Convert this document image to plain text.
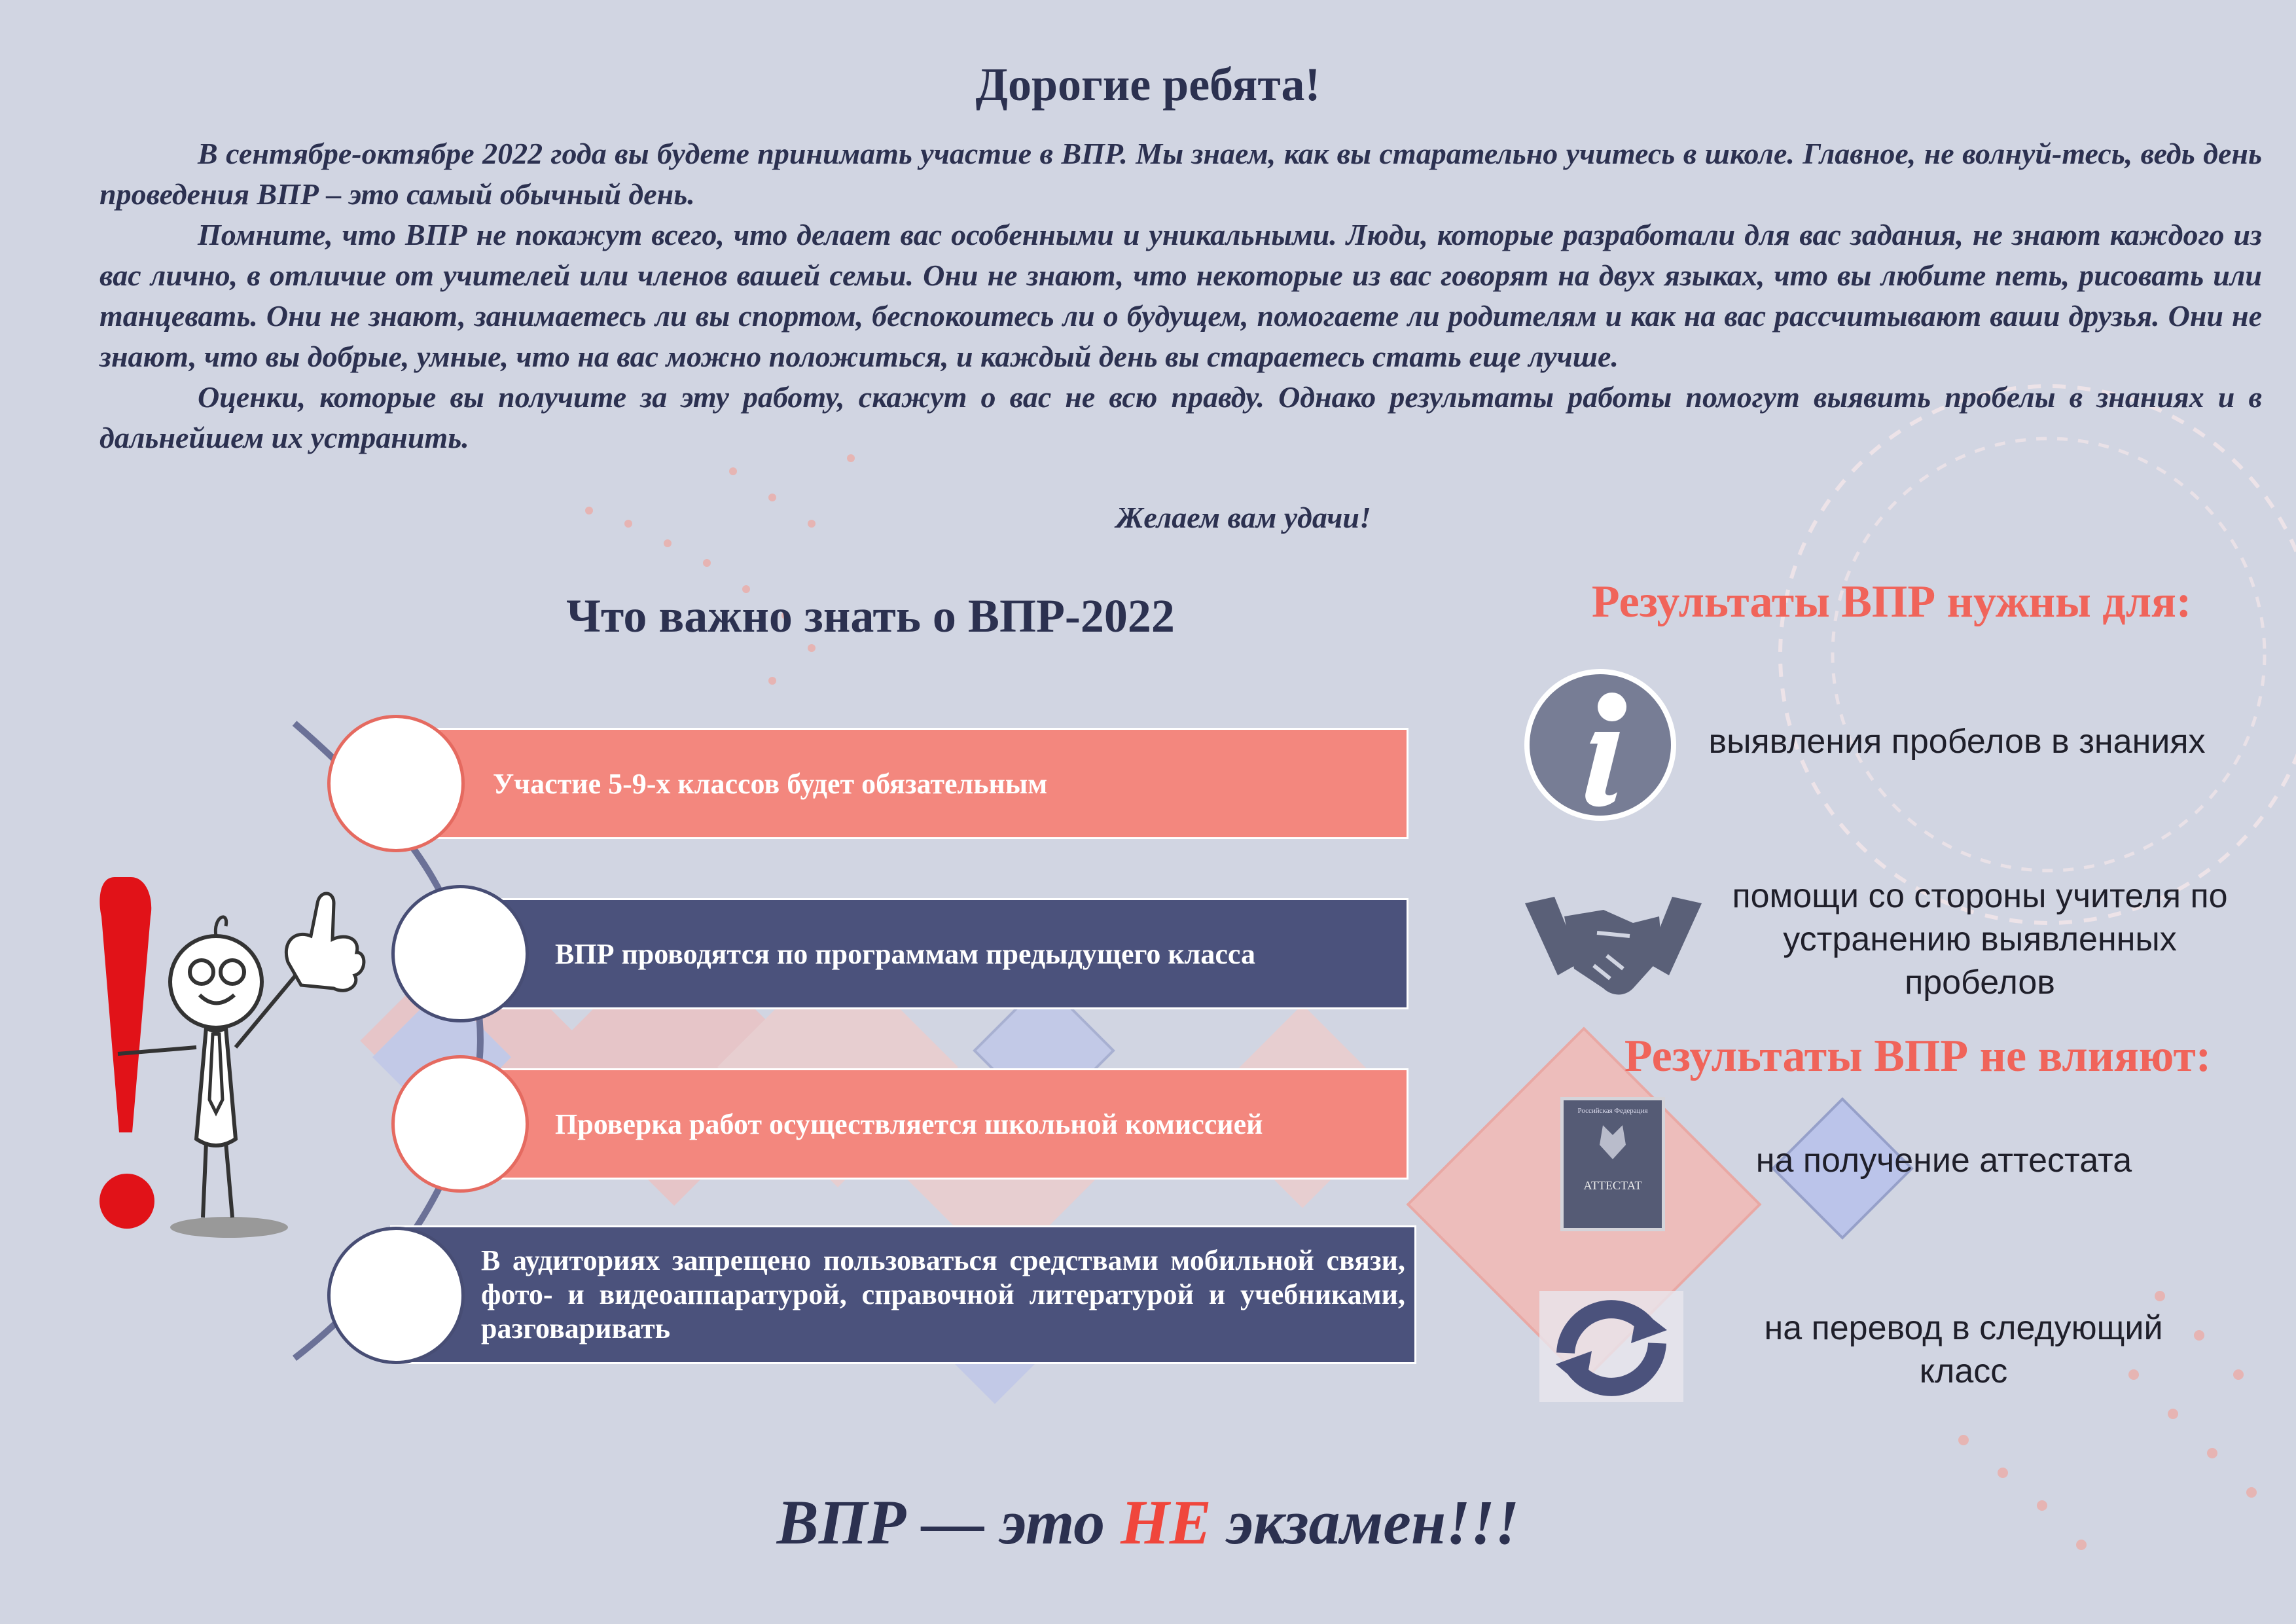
Дорогие ребята!

В сентябре-октябре 2022 года вы будете принимать участие в ВПР. Мы знаем, как вы старательно учитесь в школе. Главное, не волнуй-тесь, ведь день проведения ВПР – это самый обычный день.

Помните, что ВПР не покажут всего, что делает вас особенными и уникальными. Люди, которые разработали для вас задания, не знают каждого из вас лично, в отличие от учителей или членов вашей семьи. Они не знают, что некоторые из вас говорят на двух языках, что вы любите петь, рисовать или танцевать. Они не знают, занимаетесь ли вы спортом, беспокоитесь ли о будущем, помогаете ли родителям и как на вас рассчитывают ваши друзья. Они не знают, что вы добрые, умные, что на вас можно положиться, и каждый день вы стараетесь стать еще лучше.

Оценки, которые вы получите за эту работу, скажут о вас не всю правду. Однако результаты работы помогут выявить пробелы в знаниях и в дальнейшем их устранить.

Желаем вам удачи!
Что важно знать о ВПР-2022
Участие 5-9-х классов будет обязательным
ВПР проводятся по программам предыдущего класса
Проверка работ осуществляется школьной комиссией
В аудиториях запрещено пользоваться средствами мобильной связи, фото- и видеоаппаратурой, справочной литературой и учебниками, разговаривать
Результаты ВПР нужны для:
выявления пробелов в знаниях
помощи со стороны учителя по устранению выявленных пробелов
Результаты ВПР не влияют:
Российская Федерация
АТТЕСТАТ
на получение аттестата
на перевод в следующий класс
ВПР — это НЕ экзамен!!!
